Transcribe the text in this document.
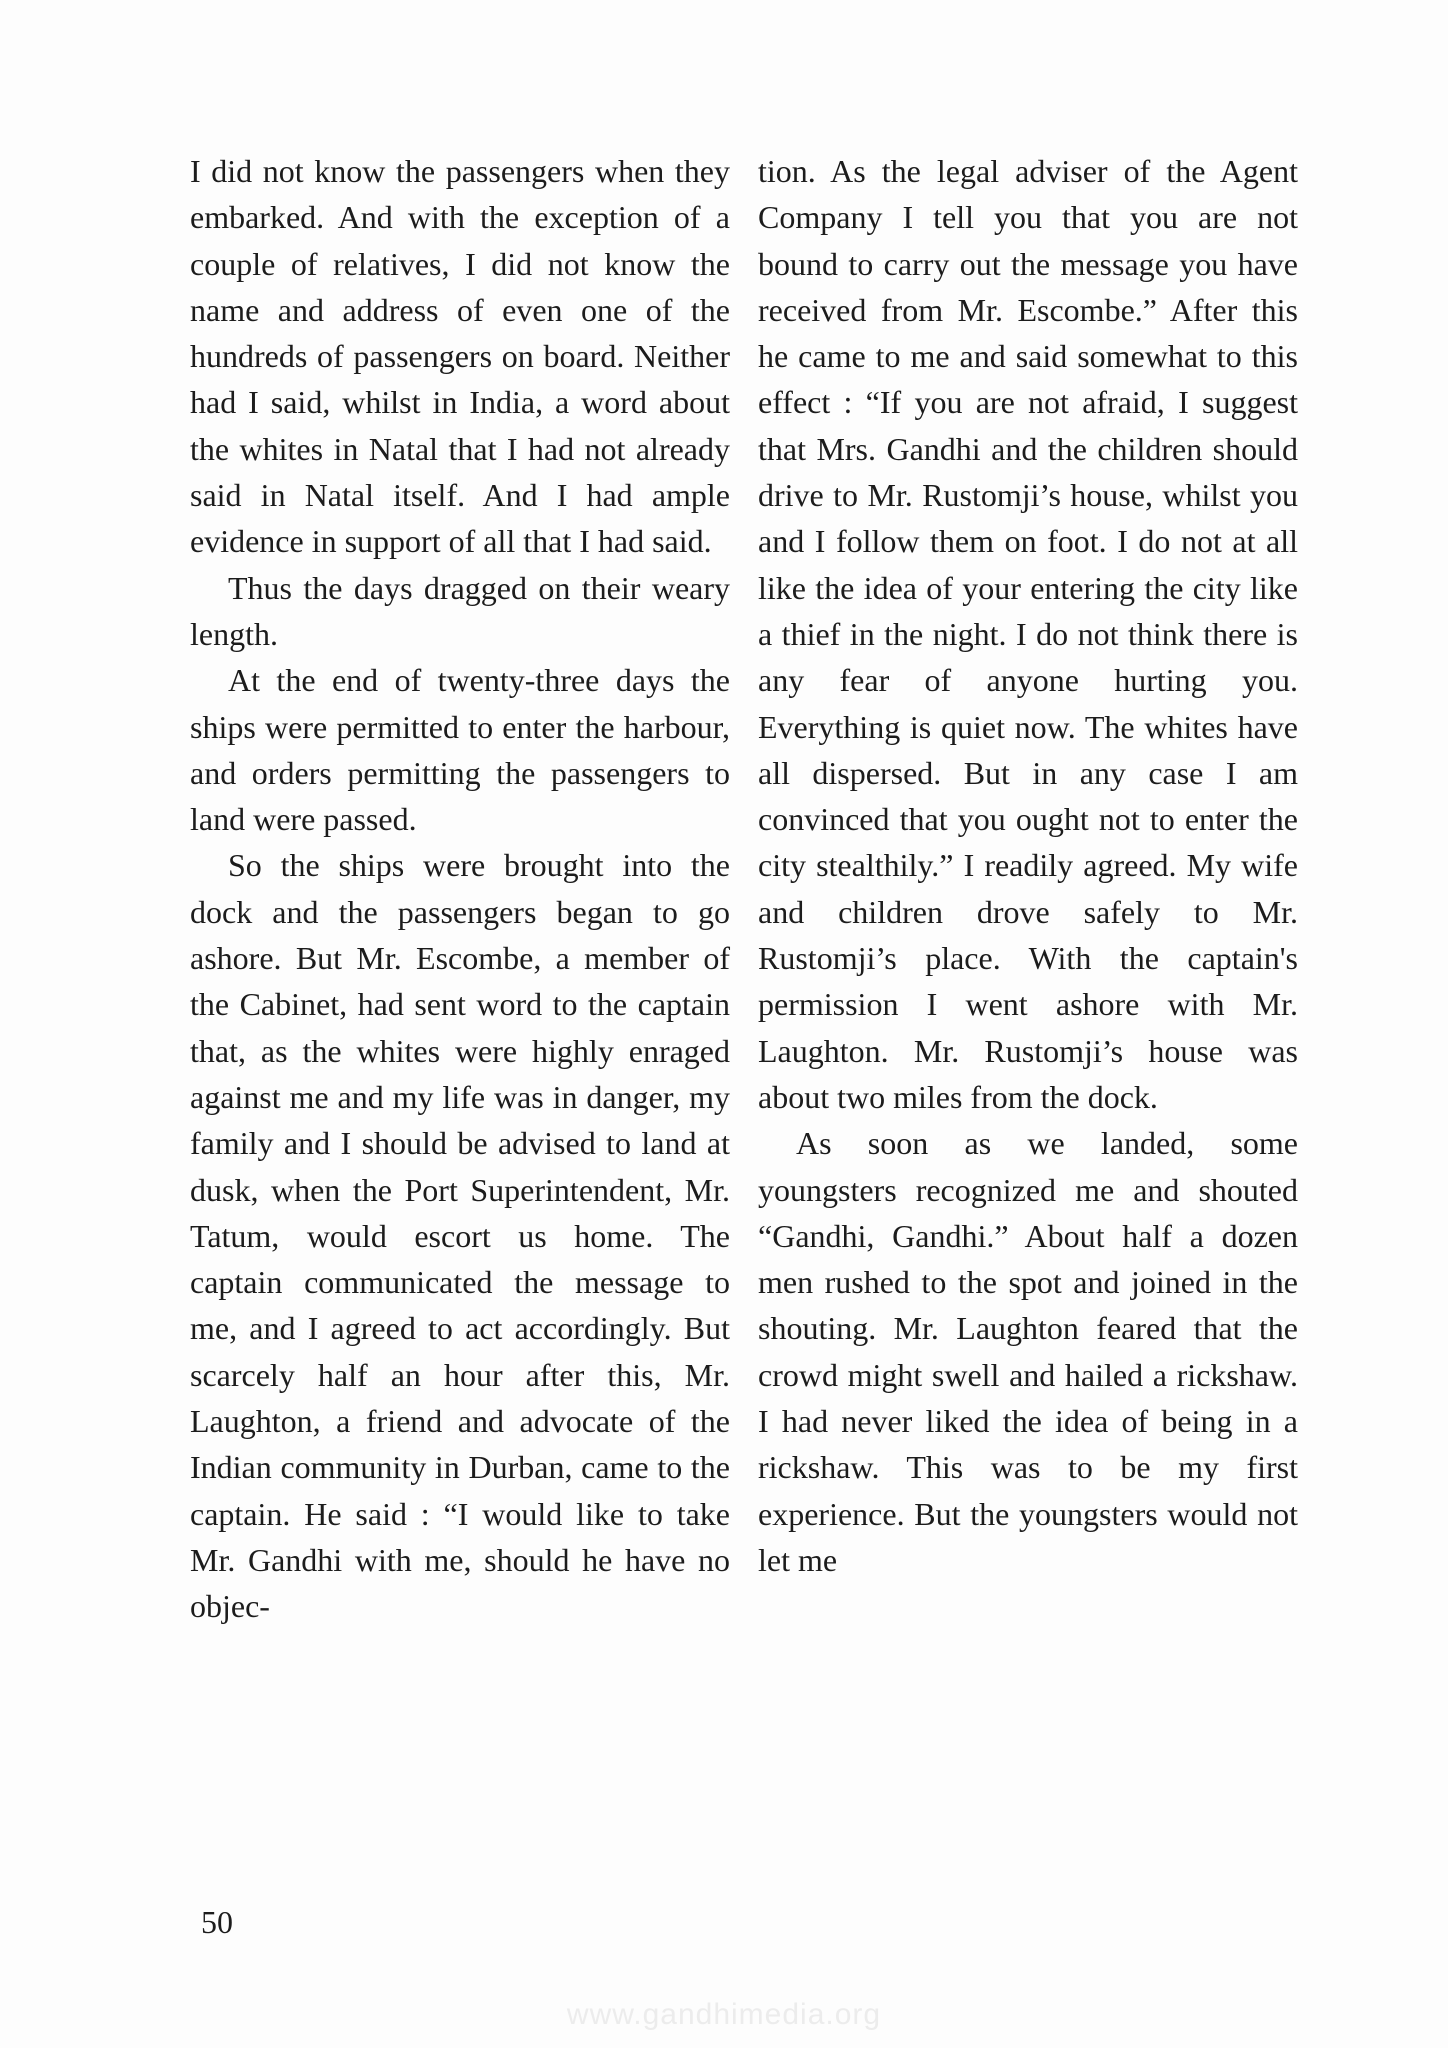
I did not know the passengers when they embarked. And with the exception of a couple of relatives, I did not know the name and address of even one of the hundreds of passengers on board. Neither had I said, whilst in India, a word about the whites in Natal that I had not already said in Natal itself. And I had ample evidence in support of all that I had said.

Thus the days dragged on their weary length.

At the end of twenty-three days the ships were permitted to enter the harbour, and orders permitting the passengers to land were passed.

So the ships were brought into the dock and the passengers began to go ashore. But Mr. Escombe, a member of the Cabinet, had sent word to the captain that, as the whites were highly enraged against me and my life was in danger, my family and I should be advised to land at dusk, when the Port Superintendent, Mr. Tatum, would escort us home. The captain communicated the message to me, and I agreed to act accordingly. But scarcely half an hour after this, Mr. Laughton, a friend and advocate of the Indian community in Durban, came to the captain. He said : “I would like to take Mr. Gandhi with me, should he have no objec-

tion. As the legal adviser of the Agent Company I tell you that you are not bound to carry out the message you have received from Mr. Escombe.” After this he came to me and said somewhat to this effect : “If you are not afraid, I suggest that Mrs. Gandhi and the children should drive to Mr. Rustomji’s house, whilst you and I follow them on foot. I do not at all like the idea of your entering the city like a thief in the night. I do not think there is any fear of anyone hurting you. Everything is quiet now. The whites have all dispersed. But in any case I am convinced that you ought not to enter the city stealthily.” I readily agreed. My wife and children drove safely to Mr. Rustomji’s place. With the captain's permission I went ashore with Mr. Laughton. Mr. Rustomji’s house was about two miles from the dock.

As soon as we landed, some youngsters recognized me and shouted “Gandhi, Gandhi.” About half a dozen men rushed to the spot and joined in the shouting. Mr. Laughton feared that the crowd might swell and hailed a rickshaw. I had never liked the idea of being in a rickshaw. This was to be my first experience. But the youngsters would not let me

50
www.gandhimedia.org
